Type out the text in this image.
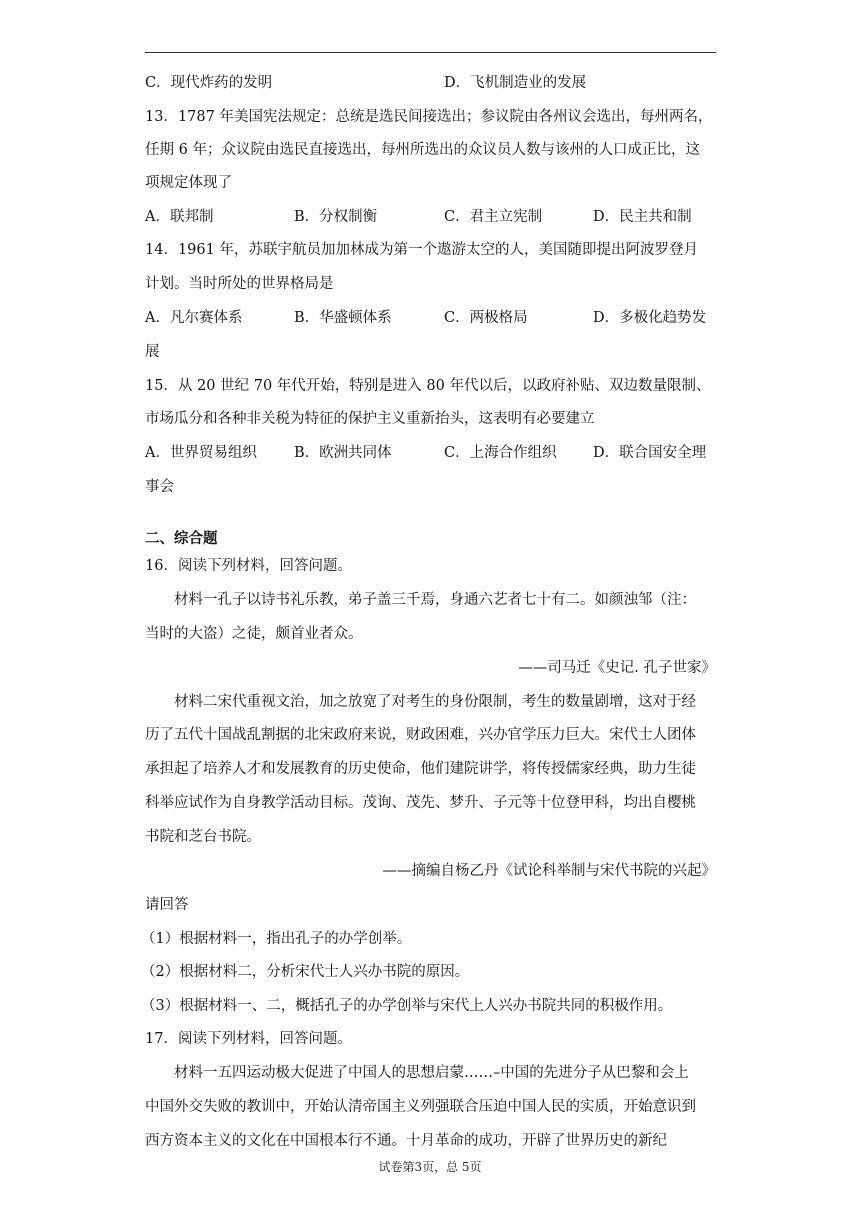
C．现代炸药的发明	D．飞机制造业的发展
13．1787 年美国宪法规定：总统是选民间接选出；参议院由各州议会选出，每州两名，
任期 6 年；众议院由选民直接选出，每州所选出的众议员人数与该州的人口成正比，这
项规定体现了
A．联邦制	B．分权制衡	C．君主立宪制	D．民主共和制
14．1961 年，苏联宇航员加加林成为第一个遨游太空的人，美国随即提出阿波罗登月
计划。当时所处的世界格局是
A．凡尔赛体系	B．华盛顿体系	C．两极格局	D．多极化趋势发
展
15．从 20 世纪 70 年代开始，特别是进入 80 年代以后，以政府补贴、双边数量限制、
市场瓜分和各种非关税为特征的保护主义重新抬头，这表明有必要建立
A．世界贸易组织	B．欧洲共同体	C．上海合作组织	D．联合国安全理
事会
二、综合题
16．阅读下列材料，回答问题。
材料一孔子以诗书礼乐教，弟子盖三千焉，身通六艺者七十有二。如颜浊邹（注：
当时的大盗）之徒，颇首业者众。
——司马迁《史记. 孔子世家》
材料二宋代重视文治，加之放宽了对考生的身份限制，考生的数量剧增，这对于经
历了五代十国战乱割据的北宋政府来说，财政困难，兴办官学压力巨大。宋代士人团体
承担起了培养人才和发展教育的历史使命，他们建院讲学，将传授儒家经典，助力生徒
科举应试作为自身教学活动目标。茂询、茂先、梦升、子元等十位登甲科，均出自樱桃
书院和芝台书院。
——摘编自杨乙丹《试论科举制与宋代书院的兴起》
请回答
（1）根据材料一，指出孔子的办学创举。
（2）根据材料二，分析宋代士人兴办书院的原因。
（3）根据材料一、二，概括孔子的办学创举与宋代上人兴办书院共同的积极作用。
17．阅读下列材料，回答问题。
材料一五四运动极大促进了中国人的思想启蒙……–中国的先进分子从巴黎和会上
中国外交失败的教训中，开始认清帝国主义列强联合压迫中国人民的实质，开始意识到
西方资本主义的文化在中国根本行不通。十月革命的成功，开辟了世界历史的新纪
试卷第3页，总 5页
